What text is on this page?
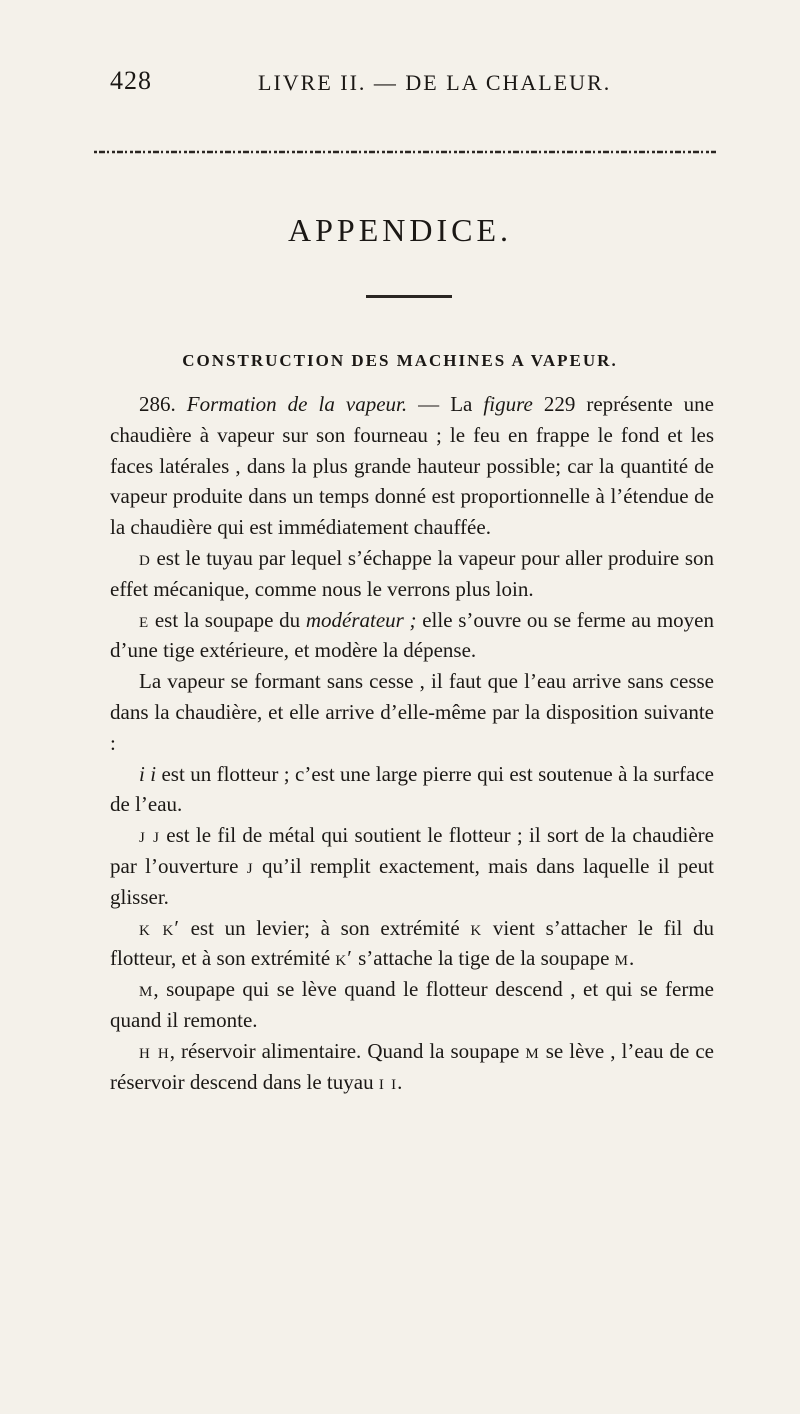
428	LIVRE II. — DE LA CHALEUR.
APPENDICE.
CONSTRUCTION DES MACHINES A VAPEUR.

286. Formation de la vapeur. — La figure 229 représente une chaudière à vapeur sur son fourneau ; le feu en frappe le fond et les faces latérales , dans la plus grande hauteur possible; car la quantité de vapeur produite dans un temps donné est proportionnelle à l’étendue de la chaudière qui est immédiatement chauffée.

d est le tuyau par lequel s’échappe la vapeur pour aller produire son effet mécanique, comme nous le verrons plus loin.

e est la soupape du modérateur ; elle s’ouvre ou se ferme au moyen d’une tige extérieure, et modère la dépense.

La vapeur se formant sans cesse , il faut que l’eau arrive sans cesse dans la chaudière, et elle arrive d’elle-même par la disposition suivante :

i i est un flotteur ; c’est une large pierre qui est soutenue à la surface de l’eau.

j j est le fil de métal qui soutient le flotteur ; il sort de la chaudière par l’ouverture j qu’il remplit exactement, mais dans laquelle il peut glisser.

k k′ est un levier; à son extrémité k vient s’attacher le fil du flotteur, et à son extrémité k′ s’attache la tige de la soupape m.

m, soupape qui se lève quand le flotteur descend , et qui se ferme quand il remonte.

h h, réservoir alimentaire. Quand la soupape m se lève , l’eau de ce réservoir descend dans le tuyau i i.
